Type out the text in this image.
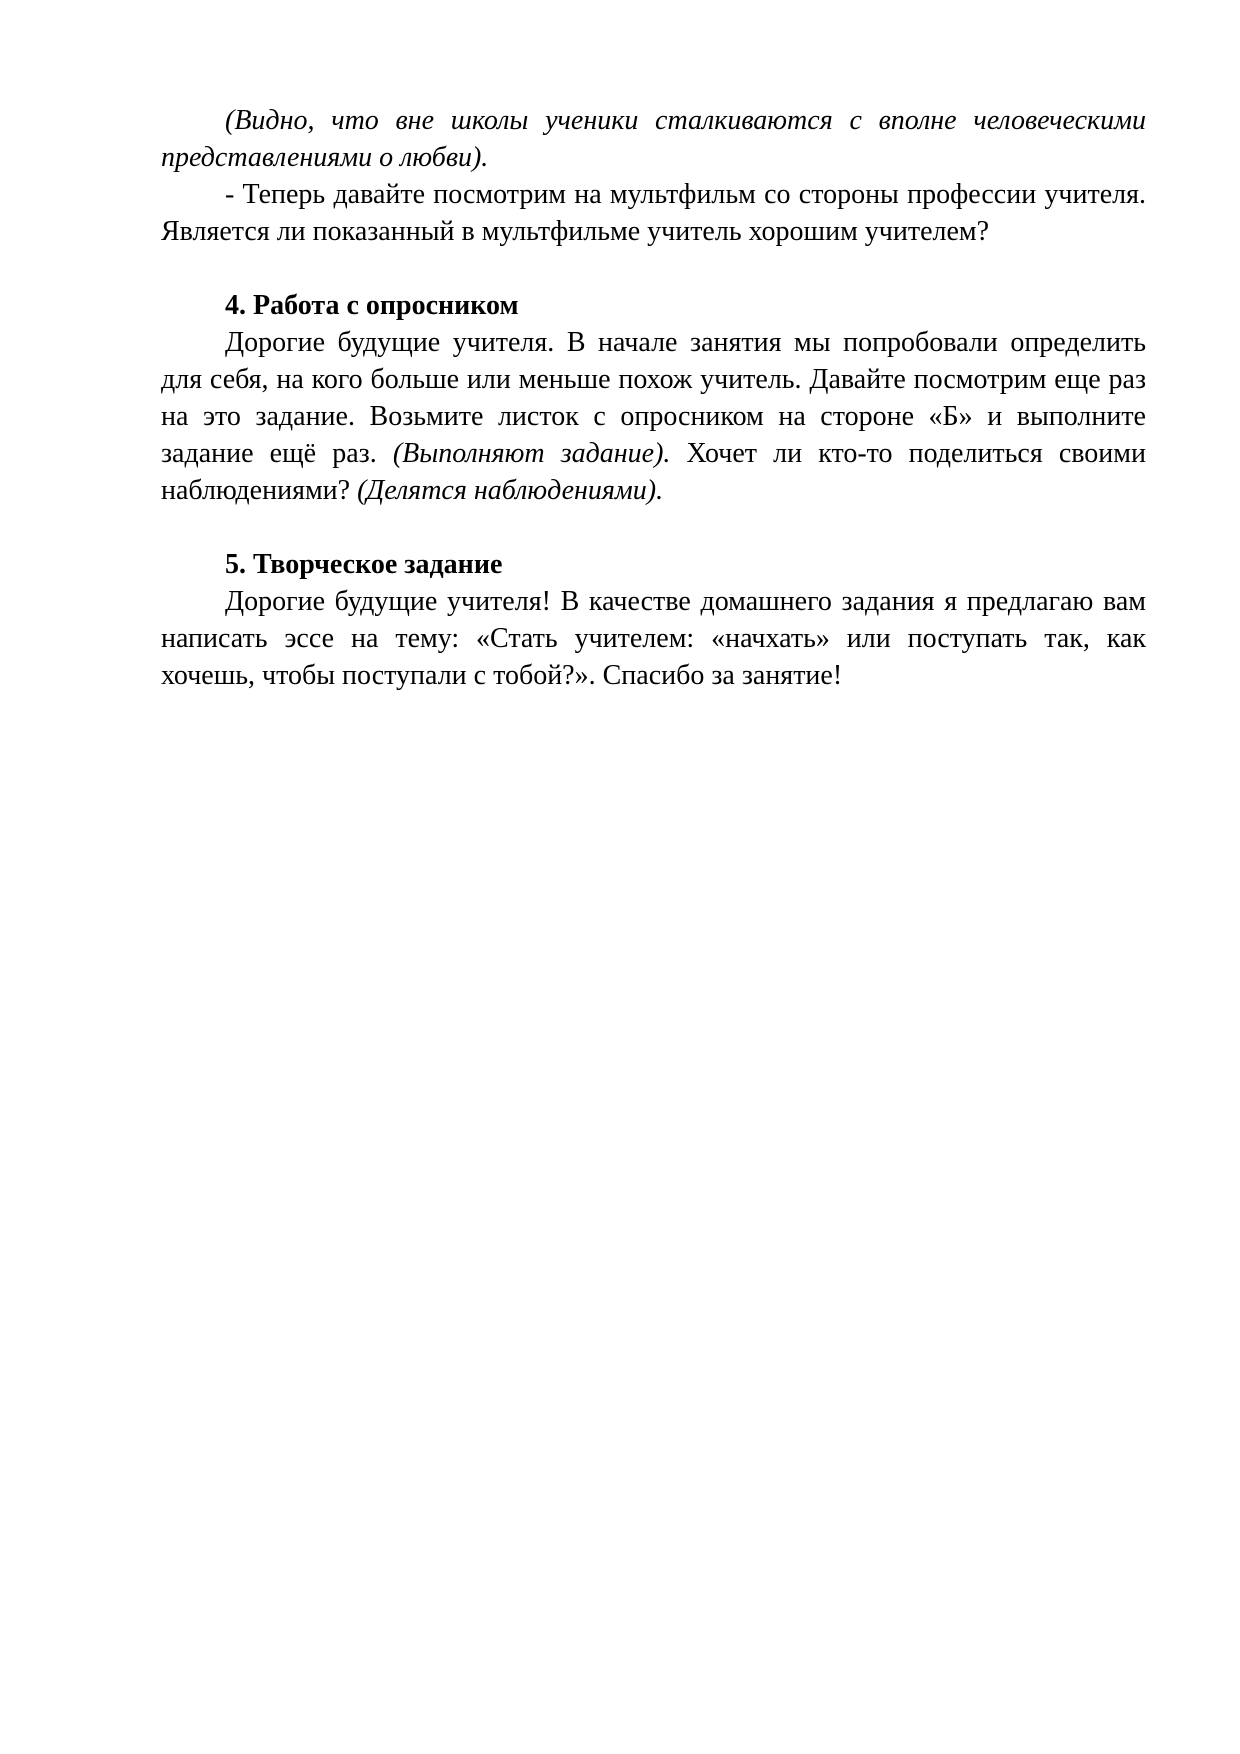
(Видно, что вне школы ученики сталкиваются с вполне человеческими представлениями о любви).

- Теперь давайте посмотрим на мультфильм со стороны профессии учителя. Является ли показанный в мультфильме учитель хорошим учителем?

4. Работа с опросником

Дорогие будущие учителя. В начале занятия мы попробовали определить для себя, на кого больше или меньше похож учитель. Давайте посмотрим еще раз на это задание. Возьмите листок с опросником на стороне «Б» и выполните задание ещё раз. (Выполняют задание). Хочет ли кто-то поделиться своими наблюдениями? (Делятся наблюдениями).

5. Творческое задание

Дорогие будущие учителя! В качестве домашнего задания я предлагаю вам написать эссе на тему: «Стать учителем: «начхать» или поступать так, как хочешь, чтобы поступали с тобой?». Спасибо за занятие!
